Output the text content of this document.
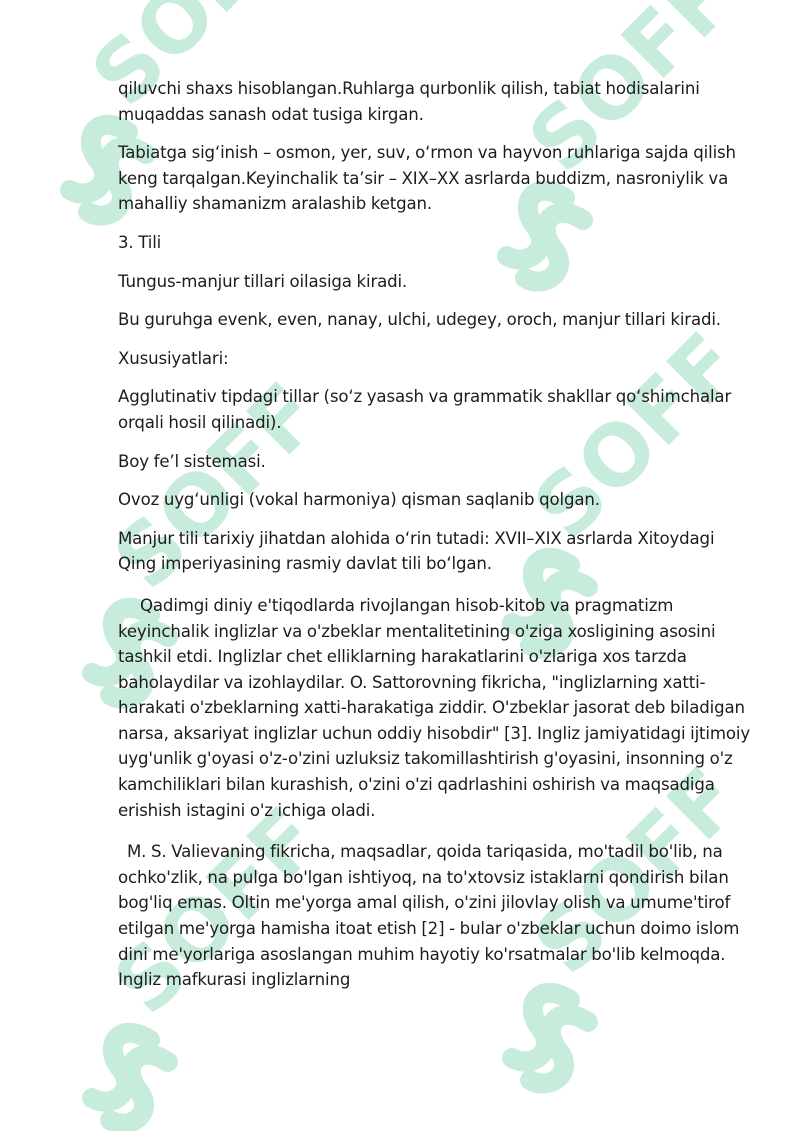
qiluvchi shaxs hisoblangan.Ruhlarga qurbonlik qilish, tabiat hodisalarini muqaddas sanash odat tusiga kirgan.

Tabiatga sig‘inish – osmon, yer, suv, o‘rmon va hayvon ruhlariga sajda qilish keng tarqalgan.Keyinchalik ta’sir – XIX–XX asrlarda buddizm, nasroniylik va mahalliy shamanizm aralashib ketgan.

3. Tili

Tungus-manjur tillari oilasiga kiradi.

Bu guruhga evenk, even, nanay, ulchi, udegey, oroch, manjur tillari kiradi.

Xususiyatlari:

Agglutinativ tipdagi tillar (so‘z yasash va grammatik shakllar qo‘shimchalar orqali hosil qilinadi).

Boy fe’l sistemasi.

Ovoz uyg‘unligi (vokal harmoniya) qisman saqlanib qolgan.

Manjur tili tarixiy jihatdan alohida o‘rin tutadi: XVII–XIX asrlarda Xitoydagi Qing imperiyasining rasmiy davlat tili bo‘lgan.

Qadimgi diniy e'tiqodlarda rivojlangan hisob-kitob va pragmatizm keyinchalik inglizlar va o'zbeklar mentalitetining o'ziga xosligining asosini tashkil etdi. Inglizlar chet elliklarning harakatlarini o'zlariga xos tarzda baholaydilar va izohlaydilar. O. Sattorovning fikricha, "inglizlarning xatti-harakati o'zbeklarning xatti-harakatiga ziddir. O'zbeklar jasorat deb biladigan narsa, aksariyat inglizlar uchun oddiy hisobdir" [3]. Ingliz jamiyatidagi ijtimoiy uyg'unlik g'oyasi o'z-o'zini uzluksiz takomillashtirish g'oyasini, insonning o'z kamchiliklari bilan kurashish, o'zini o'zi qadrlashini oshirish va maqsadiga erishish istagini o'z ichiga oladi.

M. S. Valievaning fikricha, maqsadlar, qoida tariqasida, mo'tadil bo'lib, na ochko'zlik, na pulga bo'lgan ishtiyoq, na to'xtovsiz istaklarni qondirish bilan bog'liq emas. Oltin me'yorga amal qilish, o'zini jilovlay olish va umume'tirof etilgan me'yorga hamisha itoat etish [2] - bular o'zbeklar uchun doimo islom dini me'yorlariga asoslangan muhim hayotiy ko'rsatmalar bo'lib kelmoqda. Ingliz mafkurasi inglizlarning
